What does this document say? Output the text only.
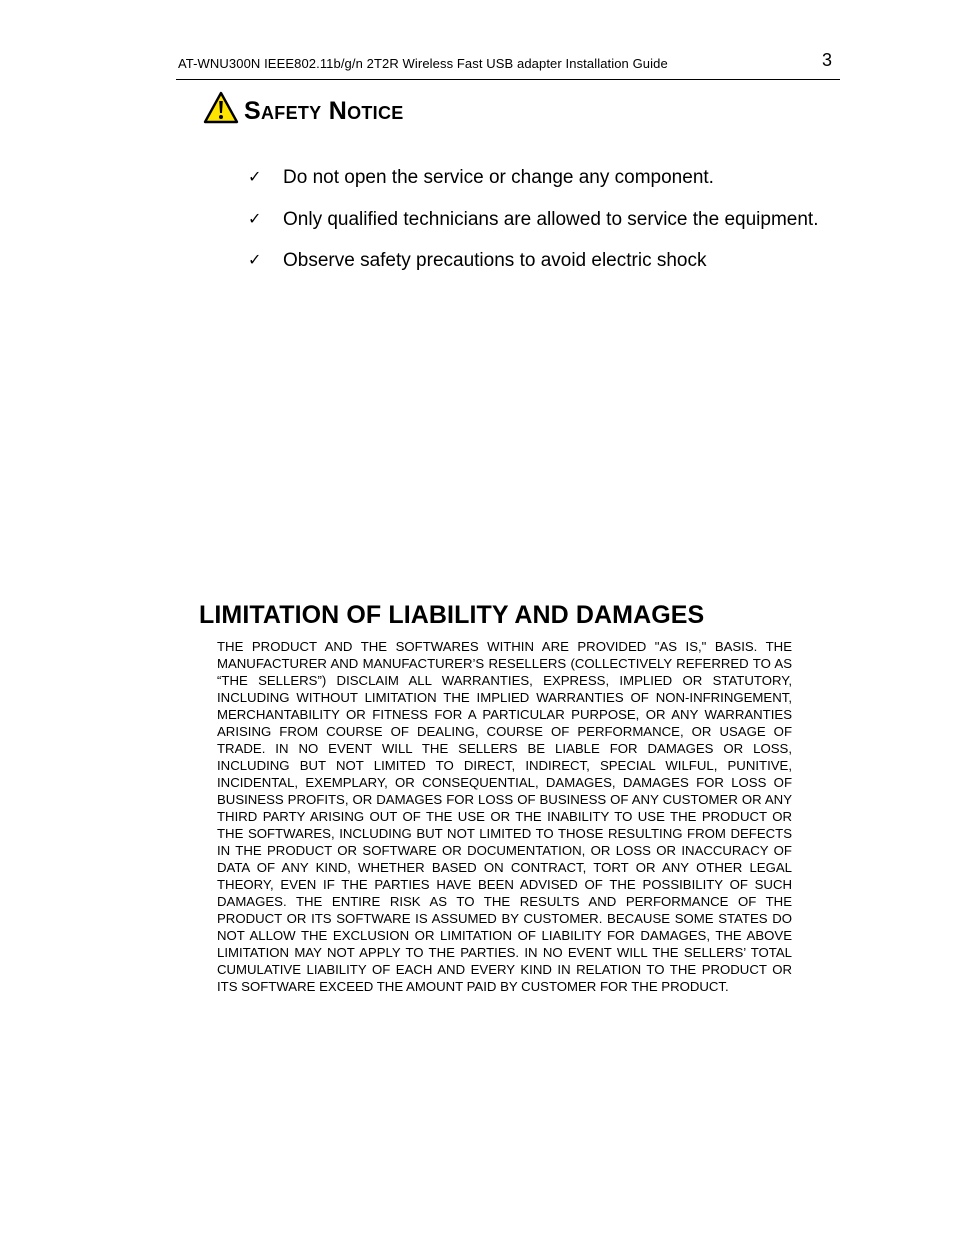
AT-WNU300N IEEE802.11b/g/n 2T2R Wireless Fast USB adapter Installation Guide	3
Safety Notice
✓ Do not open the service or change any component.
✓ Only qualified technicians are allowed to service the equipment.
✓ Observe safety precautions to avoid electric shock
LIMITATION OF LIABILITY AND DAMAGES

THE PRODUCT AND THE SOFTWARES WITHIN ARE PROVIDED "AS IS," BASIS. THE MANUFACTURER AND MANUFACTURER’S RESELLERS (COLLECTIVELY REFERRED TO AS “THE SELLERS”) DISCLAIM ALL WARRANTIES, EXPRESS, IMPLIED OR STATUTORY, INCLUDING WITHOUT LIMITATION THE IMPLIED WARRANTIES OF NON-INFRINGEMENT, MERCHANTABILITY OR FITNESS FOR A PARTICULAR PURPOSE, OR ANY WARRANTIES ARISING FROM COURSE OF DEALING, COURSE OF PERFORMANCE, OR USAGE OF TRADE. IN NO EVENT WILL THE SELLERS BE LIABLE FOR DAMAGES OR LOSS, INCLUDING BUT NOT LIMITED TO DIRECT, INDIRECT, SPECIAL WILFUL, PUNITIVE, INCIDENTAL, EXEMPLARY, OR CONSEQUENTIAL, DAMAGES, DAMAGES FOR LOSS OF BUSINESS PROFITS, OR DAMAGES FOR LOSS OF BUSINESS OF ANY CUSTOMER OR ANY THIRD PARTY ARISING OUT OF THE USE OR THE INABILITY TO USE THE PRODUCT OR THE SOFTWARES, INCLUDING BUT NOT LIMITED TO THOSE RESULTING FROM DEFECTS IN THE PRODUCT OR SOFTWARE OR DOCUMENTATION, OR LOSS OR INACCURACY OF DATA OF ANY KIND, WHETHER BASED ON CONTRACT, TORT OR ANY OTHER LEGAL THEORY, EVEN IF THE PARTIES HAVE BEEN ADVISED OF THE POSSIBILITY OF SUCH DAMAGES. THE ENTIRE RISK AS TO THE RESULTS AND PERFORMANCE OF THE PRODUCT OR ITS SOFTWARE IS ASSUMED BY CUSTOMER. BECAUSE SOME STATES DO NOT ALLOW THE EXCLUSION OR LIMITATION OF LIABILITY FOR DAMAGES, THE ABOVE LIMITATION MAY NOT APPLY TO THE PARTIES. IN NO EVENT WILL THE SELLERS’ TOTAL CUMULATIVE LIABILITY OF EACH AND EVERY KIND IN RELATION TO THE PRODUCT OR ITS SOFTWARE EXCEED THE AMOUNT PAID BY CUSTOMER FOR THE PRODUCT.
